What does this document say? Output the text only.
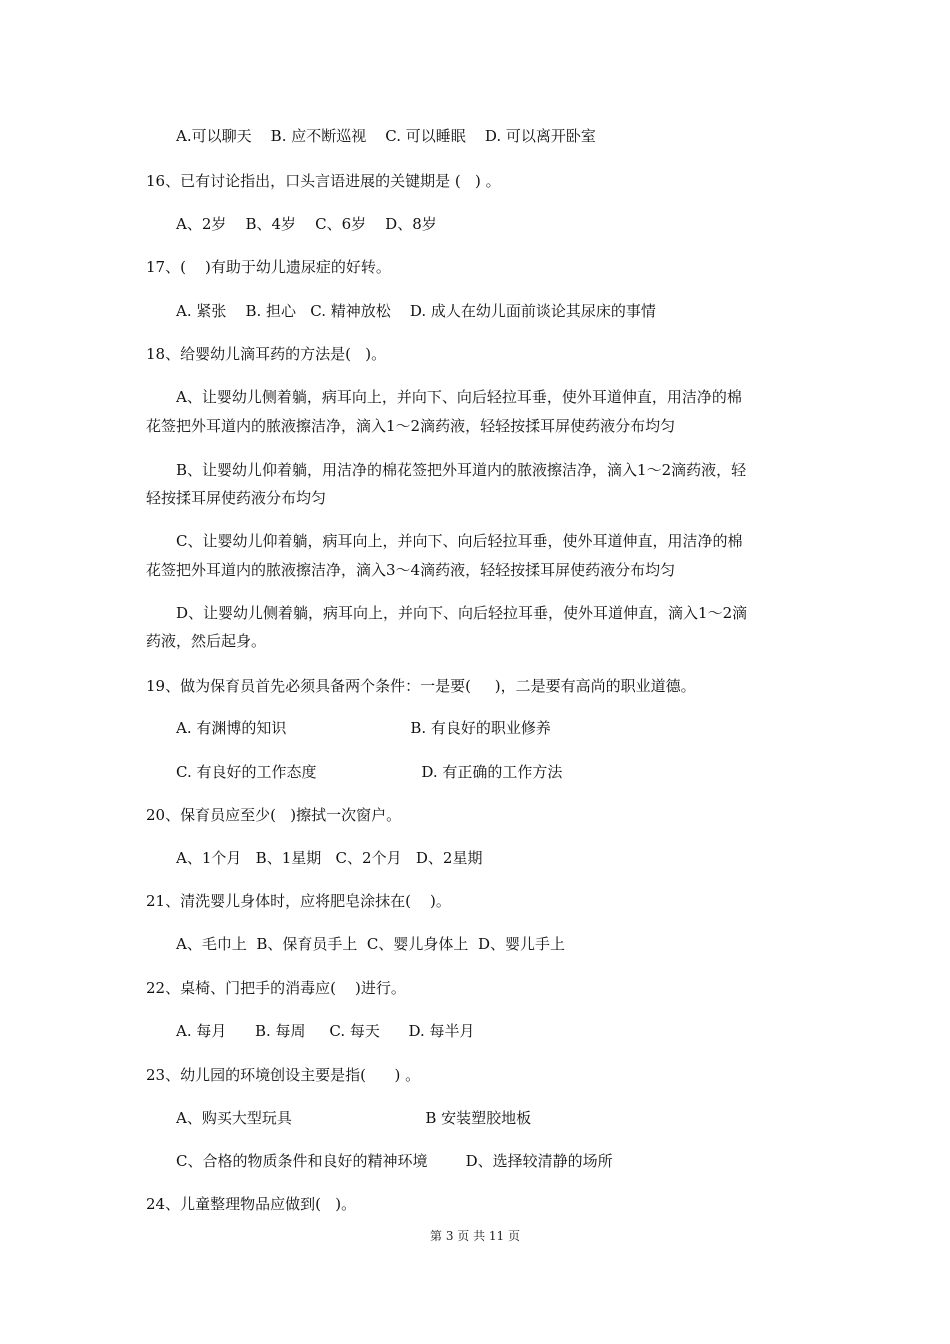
A.可以聊天    B. 应不断巡视    C. 可以睡眠    D. 可以离开卧室
16、已有讨论指出，口头言语进展的关键期是 (   ) 。
A、2岁    B、4岁    C、6岁    D、8岁
17、(    )有助于幼儿遗尿症的好转。
A. 紧张    B. 担心   C. 精神放松    D. 成人在幼儿面前谈论其尿床的事情
18、给婴幼儿滴耳药的方法是(   )。
A、让婴幼儿侧着躺，病耳向上，并向下、向后轻拉耳垂，使外耳道伸直，用洁净的棉
花签把外耳道内的脓液擦洁净，滴入1～2滴药液，轻轻按揉耳屏使药液分布均匀
B、让婴幼儿仰着躺，用洁净的棉花签把外耳道内的脓液擦洁净，滴入1～2滴药液，轻
轻按揉耳屏使药液分布均匀
C、让婴幼儿仰着躺，病耳向上，并向下、向后轻拉耳垂，使外耳道伸直，用洁净的棉
花签把外耳道内的脓液擦洁净，滴入3～4滴药液，轻轻按揉耳屏使药液分布均匀
D、让婴幼儿侧着躺，病耳向上，并向下、向后轻拉耳垂，使外耳道伸直，滴入1～2滴
药液，然后起身。
19、做为保育员首先必须具备两个条件：一是要(     )，二是要有高尚的职业道德。
A. 有渊博的知识                          B. 有良好的职业修养
C. 有良好的工作态度                      D. 有正确的工作方法
20、保育员应至少(   )擦拭一次窗户。
A、1个月   B、1星期   C、2个月   D、2星期
21、清洗婴儿身体时，应将肥皂涂抹在(    )。
A、毛巾上  B、保育员手上  C、婴儿身体上  D、婴儿手上
22、桌椅、门把手的消毒应(    )进行。
A. 每月      B. 每周     C. 每天      D. 每半月
23、幼儿园的环境创设主要是指(      ) 。
A、购买大型玩具                            B 安装塑胶地板
C、合格的物质条件和良好的精神环境        D、选择较清静的场所
24、儿童整理物品应做到(   )。
第 3 页 共 11 页
